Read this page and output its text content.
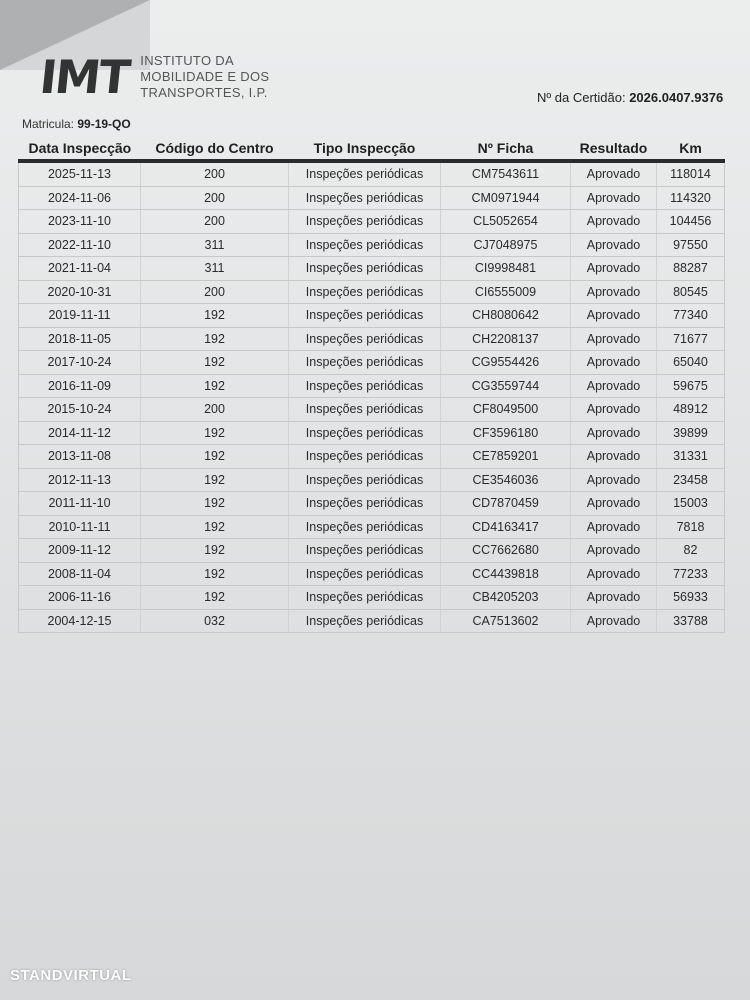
IMT INSTITUTO DA
MOBILIDADE E DOS
TRANSPORTES, I.P.	Nº da Certidão: 2026.0407.9376
Matricula: 99-19-QO
Data Inspecção	Código do Centro	Tipo Inspecção	Nº Ficha	Resultado	Km
2025-11-13	200	Inspeções periódicas	CM7543611	Aprovado	118014
2024-11-06	200	Inspeções periódicas	CM0971944	Aprovado	114320
2023-11-10	200	Inspeções periódicas	CL5052654	Aprovado	104456
2022-11-10	311	Inspeções periódicas	CJ7048975	Aprovado	97550
2021-11-04	311	Inspeções periódicas	CI9998481	Aprovado	88287
2020-10-31	200	Inspeções periódicas	CI6555009	Aprovado	80545
2019-11-11	192	Inspeções periódicas	CH8080642	Aprovado	77340
2018-11-05	192	Inspeções periódicas	CH2208137	Aprovado	71677
2017-10-24	192	Inspeções periódicas	CG9554426	Aprovado	65040
2016-11-09	192	Inspeções periódicas	CG3559744	Aprovado	59675
2015-10-24	200	Inspeções periódicas	CF8049500	Aprovado	48912
2014-11-12	192	Inspeções periódicas	CF3596180	Aprovado	39899
2013-11-08	192	Inspeções periódicas	CE7859201	Aprovado	31331
2012-11-13	192	Inspeções periódicas	CE3546036	Aprovado	23458
2011-11-10	192	Inspeções periódicas	CD7870459	Aprovado	15003
2010-11-11	192	Inspeções periódicas	CD4163417	Aprovado	7818
2009-11-12	192	Inspeções periódicas	CC7662680	Aprovado	82
2008-11-04	192	Inspeções periódicas	CC4439818	Aprovado	77233
2006-11-16	192	Inspeções periódicas	CB4205203	Aprovado	56933
2004-12-15	032	Inspeções periódicas	CA7513602	Aprovado	33788
STANDVIRTUAL
